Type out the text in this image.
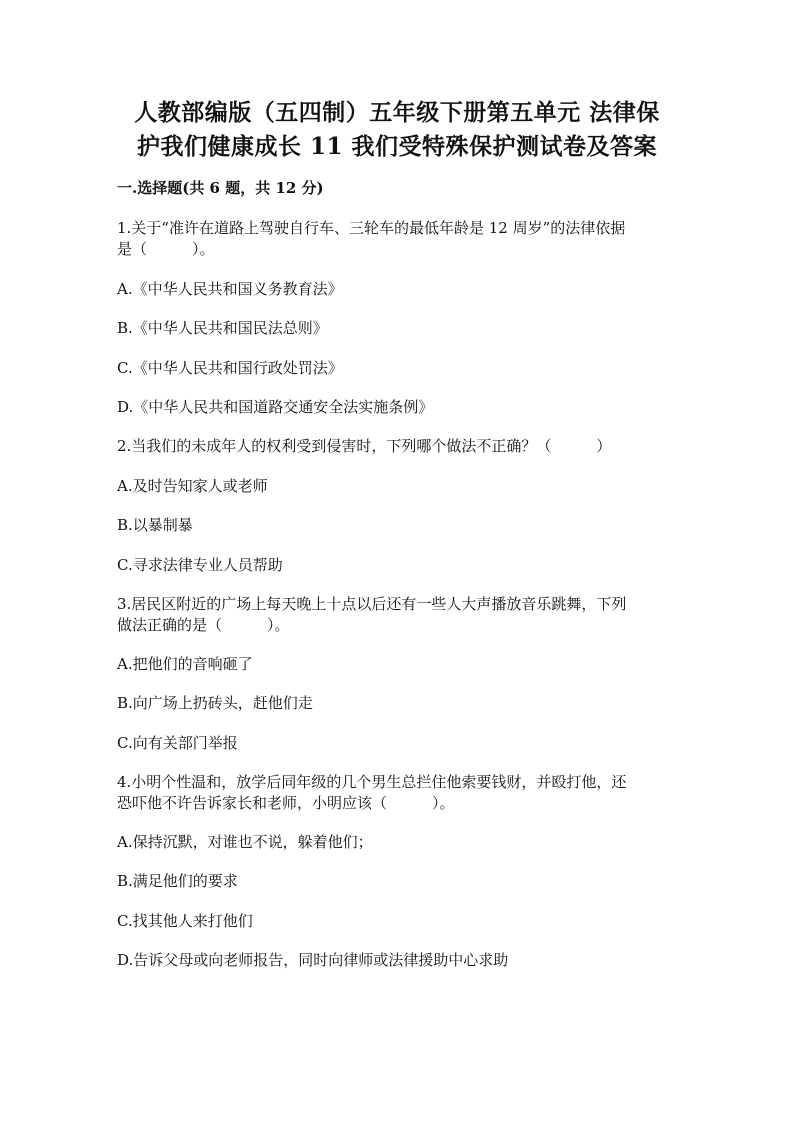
人教部编版（五四制）五年级下册第五单元 法律保
护我们健康成长 11 我们受特殊保护测试卷及答案
一.选择题(共 6 题，共 12 分)
1.关于“准许在道路上驾驶自行车、三轮车的最低年龄是 12 周岁”的法律依据
是（　　　）。
A.《中华人民共和国义务教育法》
B.《中华人民共和国民法总则》
C.《中华人民共和国行政处罚法》
D.《中华人民共和国道路交通安全法实施条例》
2.当我们的未成年人的权利受到侵害时，下列哪个做法不正确？（　　　）
A.及时告知家人或老师
B.以暴制暴
C.寻求法律专业人员帮助
3.居民区附近的广场上每天晚上十点以后还有一些人大声播放音乐跳舞，下列
做法正确的是（　　　）。
A.把他们的音响砸了
B.向广场上扔砖头，赶他们走
C.向有关部门举报
4.小明个性温和，放学后同年级的几个男生总拦住他索要钱财，并殴打他，还
恐吓他不许告诉家长和老师，小明应该（　　　）。
A.保持沉默，对谁也不说，躲着他们；
B.满足他们的要求
C.找其他人来打他们
D.告诉父母或向老师报告，同时向律师或法律援助中心求助
